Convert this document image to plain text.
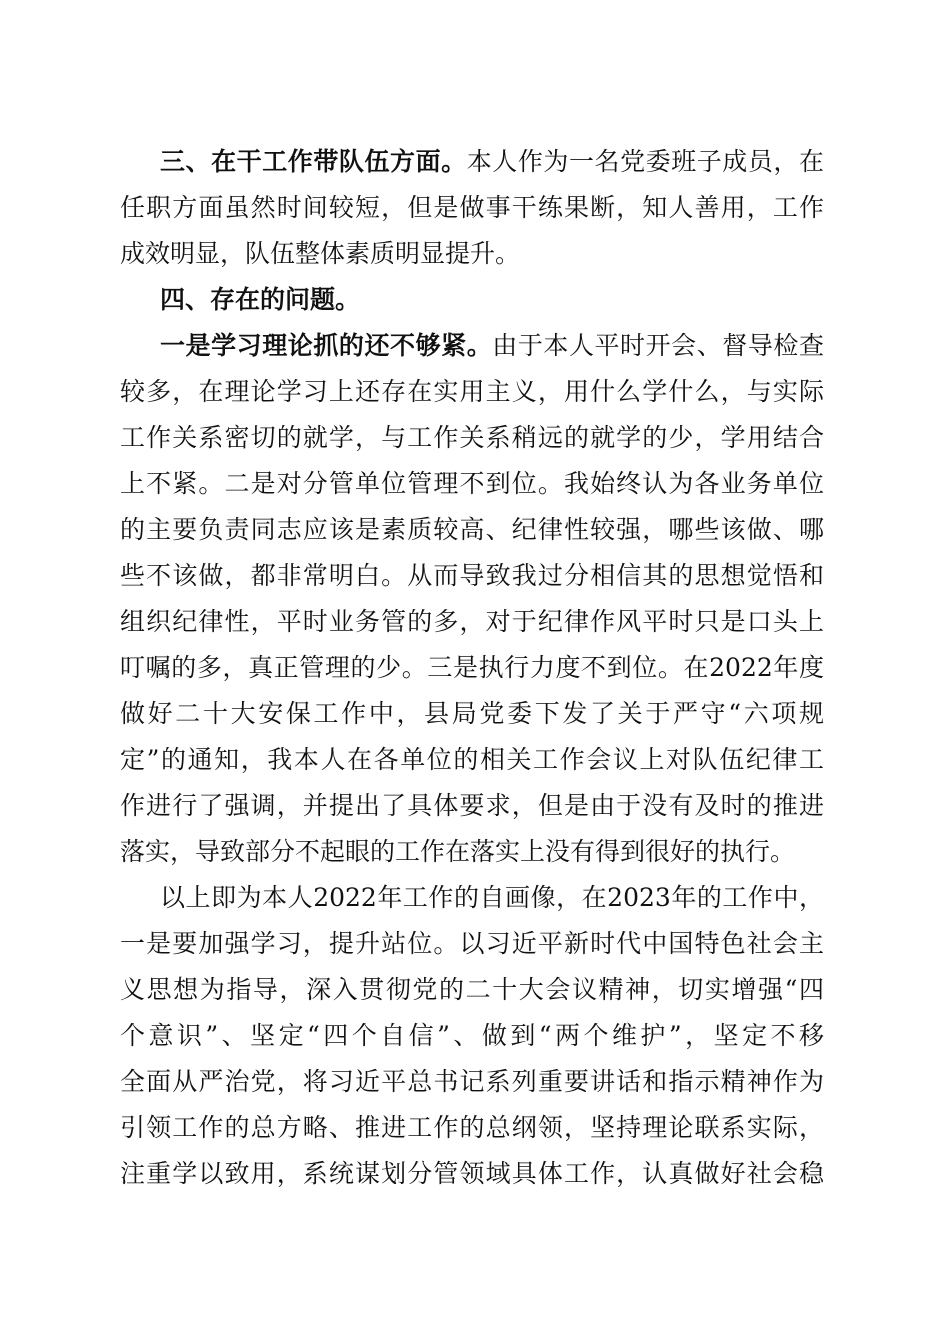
三、在干工作带队伍方面。本人作为一名党委班子成员，在
任职方面虽然时间较短，但是做事干练果断，知人善用，工作
成效明显，队伍整体素质明显提升。
四、存在的问题。
一是学习理论抓的还不够紧。由于本人平时开会、督导检查
较多，在理论学习上还存在实用主义，用什么学什么，与实际
工作关系密切的就学，与工作关系稍远的就学的少，学用结合
上不紧。二是对分管单位管理不到位。我始终认为各业务单位
的主要负责同志应该是素质较高、纪律性较强，哪些该做、哪
些不该做，都非常明白。从而导致我过分相信其的思想觉悟和
组织纪律性，平时业务管的多，对于纪律作风平时只是口头上
叮嘱的多，真正管理的少。三是执行力度不到位。在2022年度
做好二十大安保工作中，县局党委下发了关于严守“六项规
定”的通知，我本人在各单位的相关工作会议上对队伍纪律工
作进行了强调，并提出了具体要求，但是由于没有及时的推进
落实，导致部分不起眼的工作在落实上没有得到很好的执行。
以上即为本人2022年工作的自画像，在2023年的工作中，
一是要加强学习，提升站位。以习近平新时代中国特色社会主
义思想为指导，深入贯彻党的二十大会议精神，切实增强“四
个意识”、坚定“四个自信”、做到“两个维护”，坚定不移
全面从严治党，将习近平总书记系列重要讲话和指示精神作为
引领工作的总方略、推进工作的总纲领，坚持理论联系实际，
注重学以致用，系统谋划分管领域具体工作，认真做好社会稳
